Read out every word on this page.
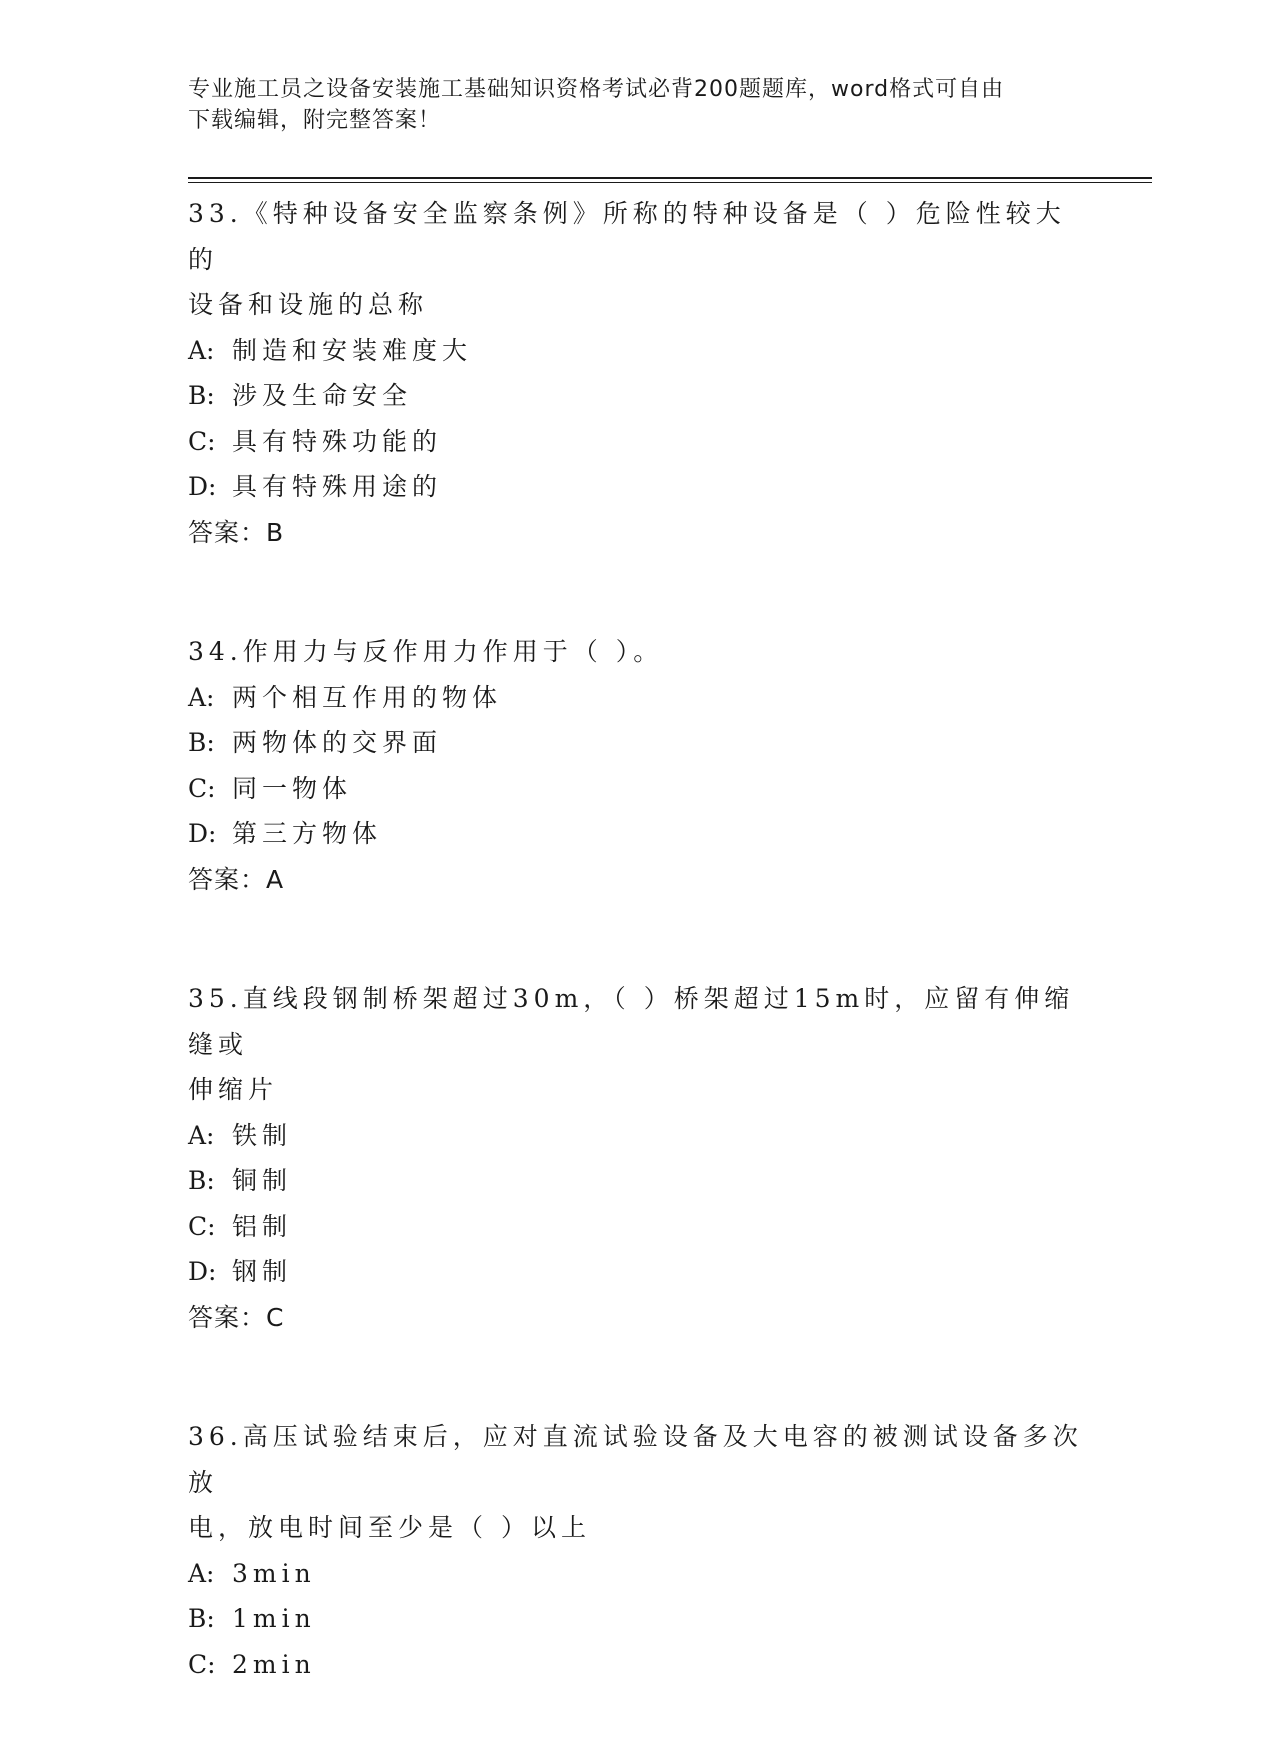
专业施工员之设备安装施工基础知识资格考试必背200题题库，word格式可自由
下载编辑，附完整答案！
33.《特种设备安全监察条例》所称的特种设备是（ ）危险性较大的
设备和设施的总称
A: 制造和安装难度大
B: 涉及生命安全
C: 具有特殊功能的
D: 具有特殊用途的
答案：B
34.作用力与反作用力作用于（ ）。
A: 两个相互作用的物体
B: 两物体的交界面
C: 同一物体
D: 第三方物体
答案：A
35.直线段钢制桥架超过30m，（ ）桥架超过15m时，应留有伸缩缝或
伸缩片
A: 铁制
B: 铜制
C: 铝制
D: 钢制
答案：C
36.高压试验结束后，应对直流试验设备及大电容的被测试设备多次放
电，放电时间至少是（ ）以上
A: 3min
B: 1min
C: 2min
